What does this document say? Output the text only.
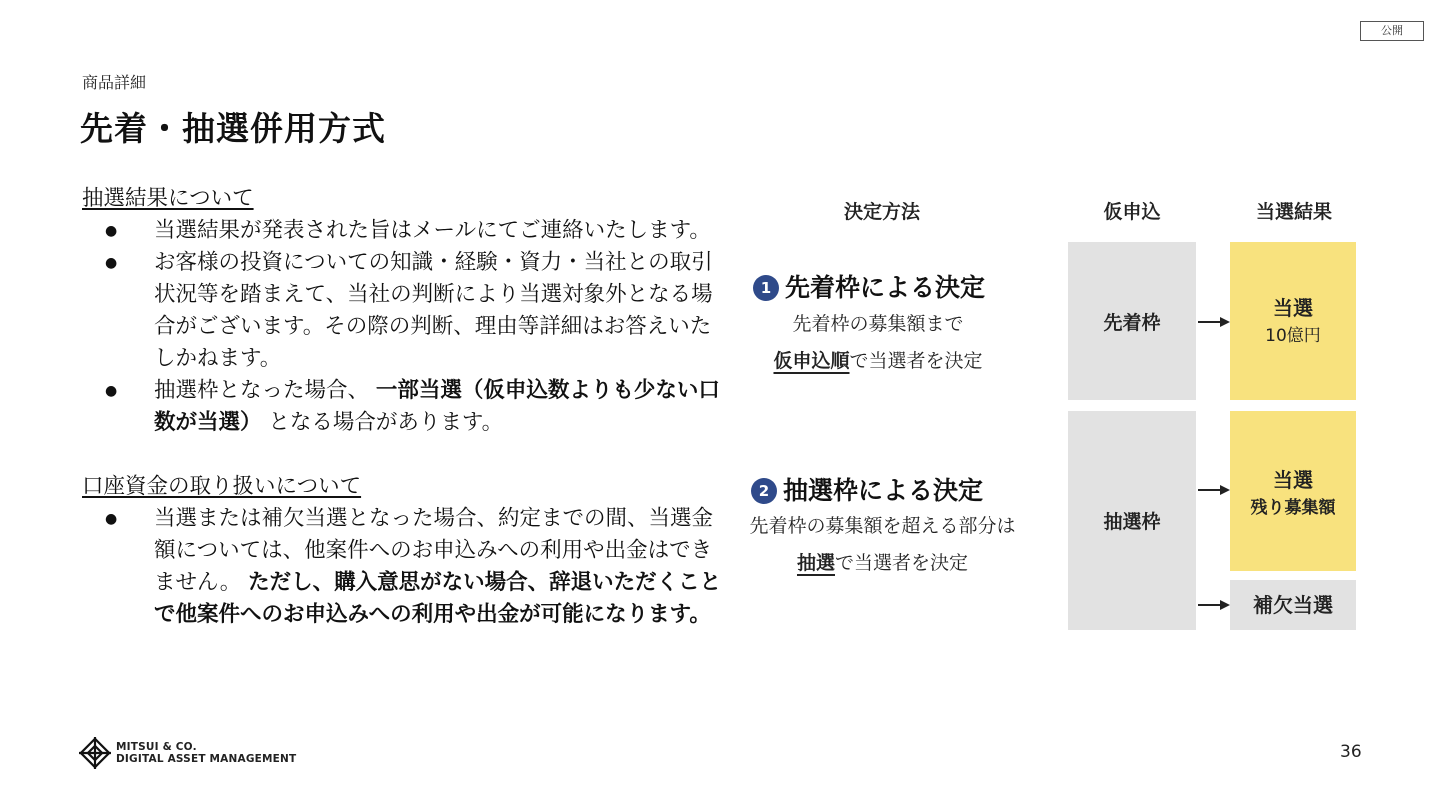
公開
商品詳細
先着・抽選併用方式
抽選結果について
● 当選結果が発表された旨はメールにてご連絡いたします。
● お客様の投資についての知識・経験・資力・当社との取引状況等を踏まえて、当社の判断により当選対象外となる場合がございます。その際の判断、理由等詳細はお答えいたしかねます。
● 抽選枠となった場合、 一部当選（仮申込数よりも少ない口数が当選） となる場合があります。
口座資金の取り扱いについて
● 当選または補欠当選となった場合、約定までの間、当選金額については、他案件へのお申込みへの利用や出金はできません。 ただし、購入意思がない場合、辞退いただくことで他案件へのお申込みへの利用や出金が可能になります。
決定方法	仮申込	当選結果
1 先着枠による決定
先着枠の募集額まで
仮申込順で当選者を決定
2 抽選枠による決定
先着枠の募集額を超える部分は
抽選で当選者を決定
先着枠
抽選枠
当選
10億円
当選
残り募集額
補欠当選
MITSUI & CO.
DIGITAL ASSET MANAGEMENT	36
